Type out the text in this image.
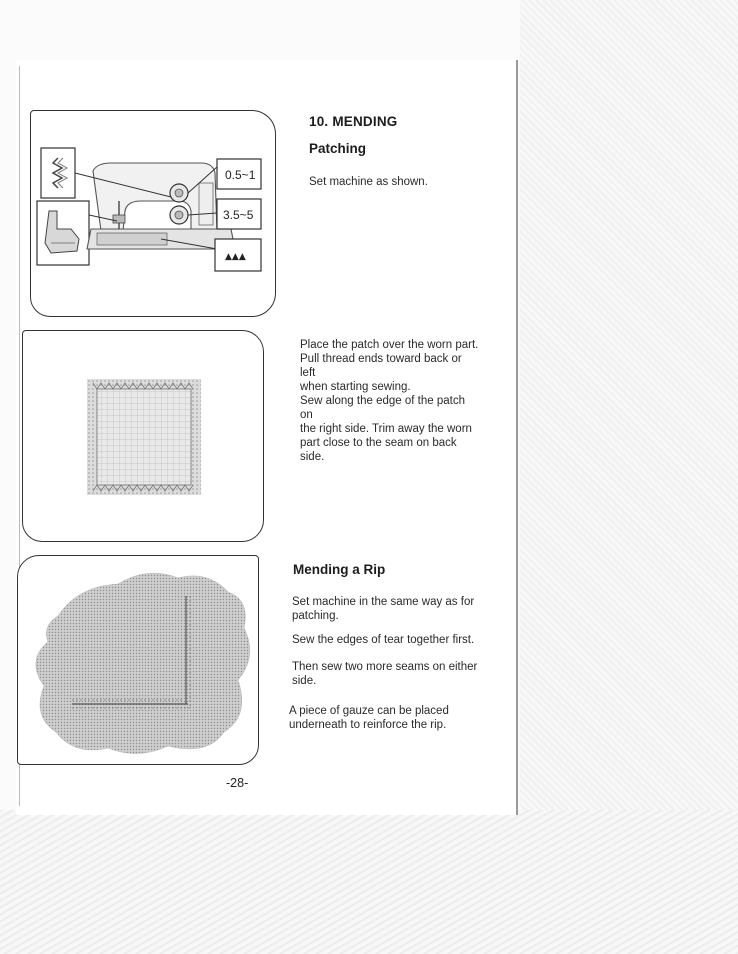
0.5~1
3.5~5
▲▲▲
10. MENDING
Patching
Set machine as shown.

Place the patch over the worn part.

Pull thread ends toward back or left

when starting sewing.

Sew along the edge of the patch on

the right side. Trim away the worn

part close to the seam on back side.

Mending a Rip

Set machine in the same way as for

patching.

Sew the edges of tear together first.

Then sew two more seams on either

side.

A piece of gauze can be placed

underneath to reinforce the rip.

-28-
